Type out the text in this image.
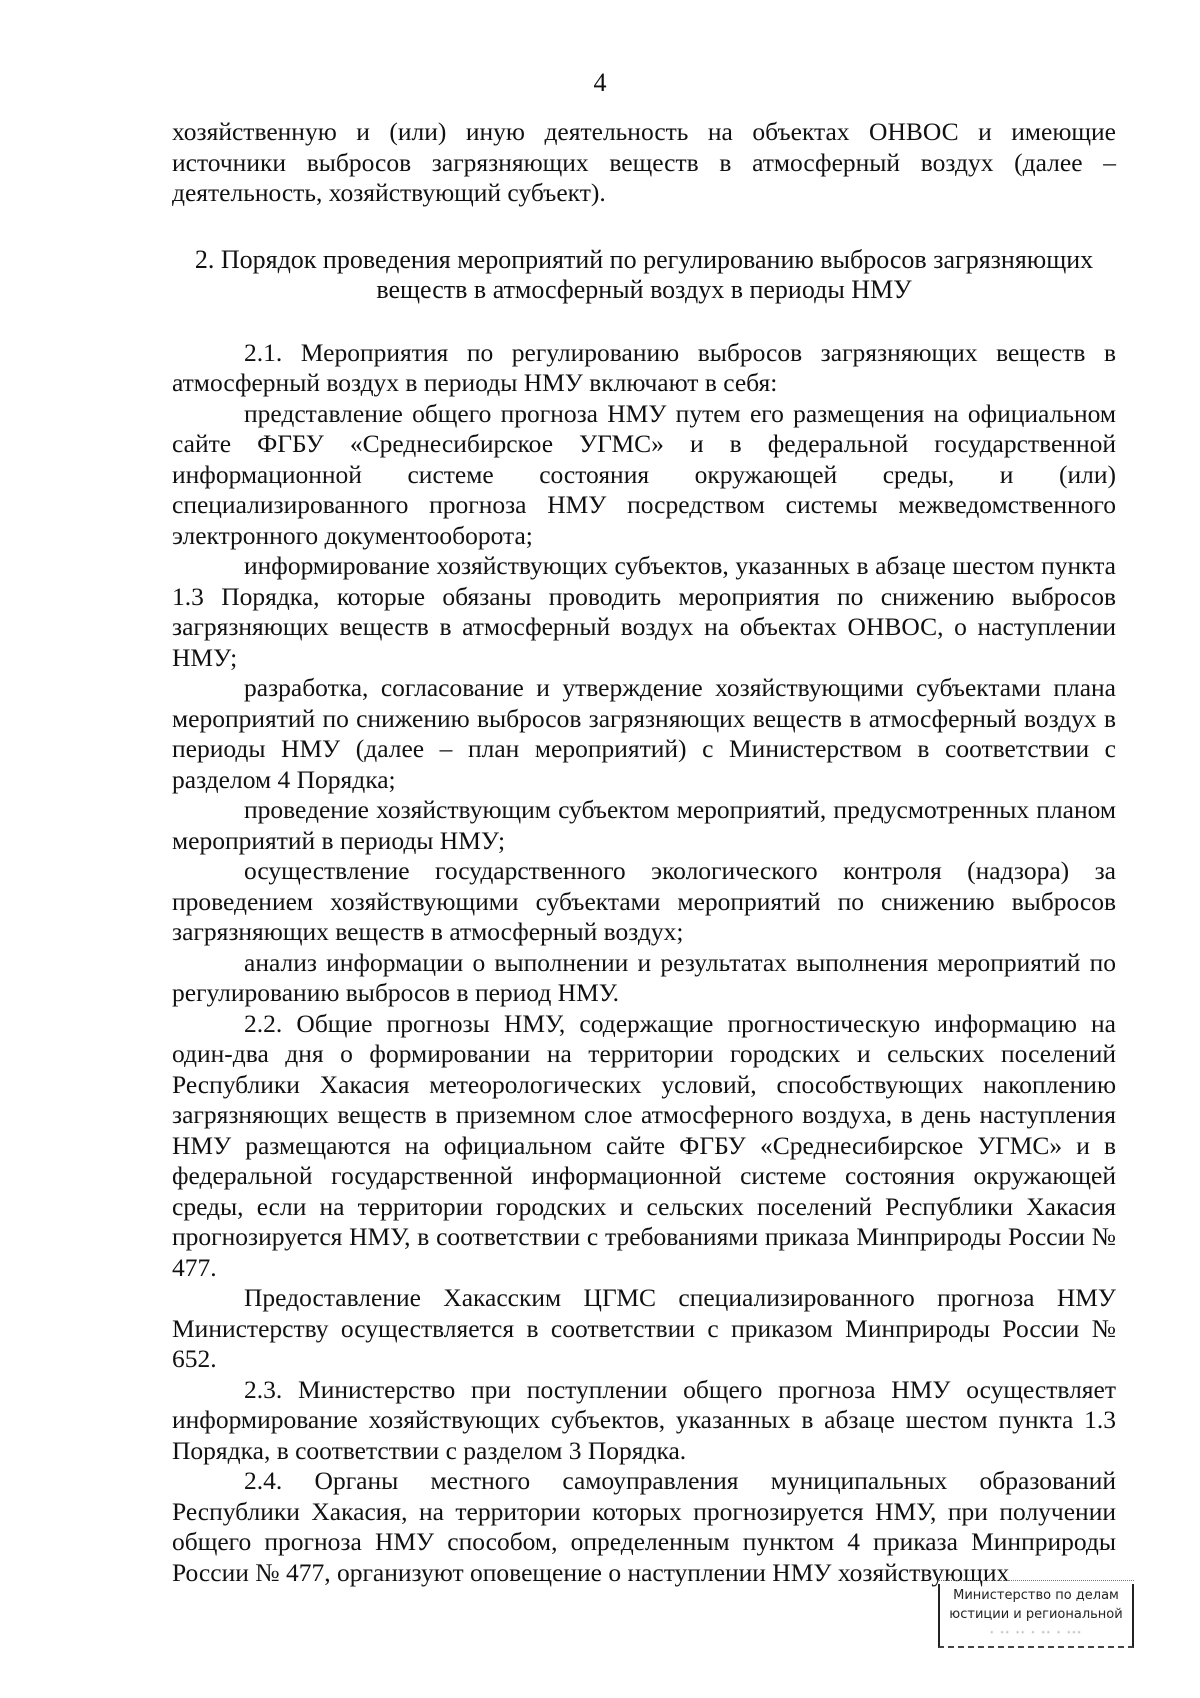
4

хозяйственную и (или) иную деятельность на объектах ОНВОС и имеющие источники выбросов загрязняющих веществ в атмосферный воздух (далее – деятельность, хозяйствующий субъект).

2. Порядок проведения мероприятий по регулированию выбросов загрязняющих
веществ в атмосферный воздух в периоды НМУ

2.1. Мероприятия по регулированию выбросов загрязняющих веществ в атмосферный воздух в периоды НМУ включают в себя:

представление общего прогноза НМУ путем его размещения на официальном сайте ФГБУ «Среднесибирское УГМС» и в федеральной государственной информационной системе состояния окружающей среды, и (или) специализированного прогноза НМУ посредством системы межведомственного электронного документооборота;

информирование хозяйствующих субъектов, указанных в абзаце шестом пункта 1.3 Порядка, которые обязаны проводить мероприятия по снижению выбросов загрязняющих веществ в атмосферный воздух на объектах ОНВОС, о наступлении НМУ;

разработка, согласование и утверждение хозяйствующими субъектами плана мероприятий по снижению выбросов загрязняющих веществ в атмосферный воздух в периоды НМУ (далее – план мероприятий) с Министерством в соответствии с разделом 4 Порядка;

проведение хозяйствующим субъектом мероприятий, предусмотренных планом мероприятий в периоды НМУ;

осуществление государственного экологического контроля (надзора) за проведением хозяйствующими субъектами мероприятий по снижению выбросов загрязняющих веществ в атмосферный воздух;

анализ информации о выполнении и результатах выполнения мероприятий по регулированию выбросов в период НМУ.

2.2. Общие прогнозы НМУ, содержащие прогностическую информацию на один-два дня о формировании на территории городских и сельских поселений Республики Хакасия метеорологических условий, способствующих накоплению загрязняющих веществ в приземном слое атмосферного воздуха, в день наступления НМУ размещаются на официальном сайте ФГБУ «Среднесибирское УГМС» и в федеральной государственной информационной системе состояния окружающей среды, если на территории городских и сельских поселений Республики Хакасия прогнозируется НМУ, в соответствии с требованиями приказа Минприроды России № 477.

Предоставление Хакасским ЦГМС специализированного прогноза НМУ Министерству осуществляется в соответствии с приказом Минприроды России № 652.

2.3. Министерство при поступлении общего прогноза НМУ осуществляет информирование хозяйствующих субъектов, указанных в абзаце шестом пункта 1.3 Порядка, в соответствии с разделом 3 Порядка.

2.4. Органы местного самоуправления муниципальных образований Республики Хакасия, на территории которых прогнозируется НМУ, при получении общего прогноза НМУ способом, определенным пунктом 4 приказа Минприроды России № 477, организуют оповещение о наступлении НМУ хозяйствующих

Министерство по делам
юстиции и региональной
· ·· ·· · ·· · ···
